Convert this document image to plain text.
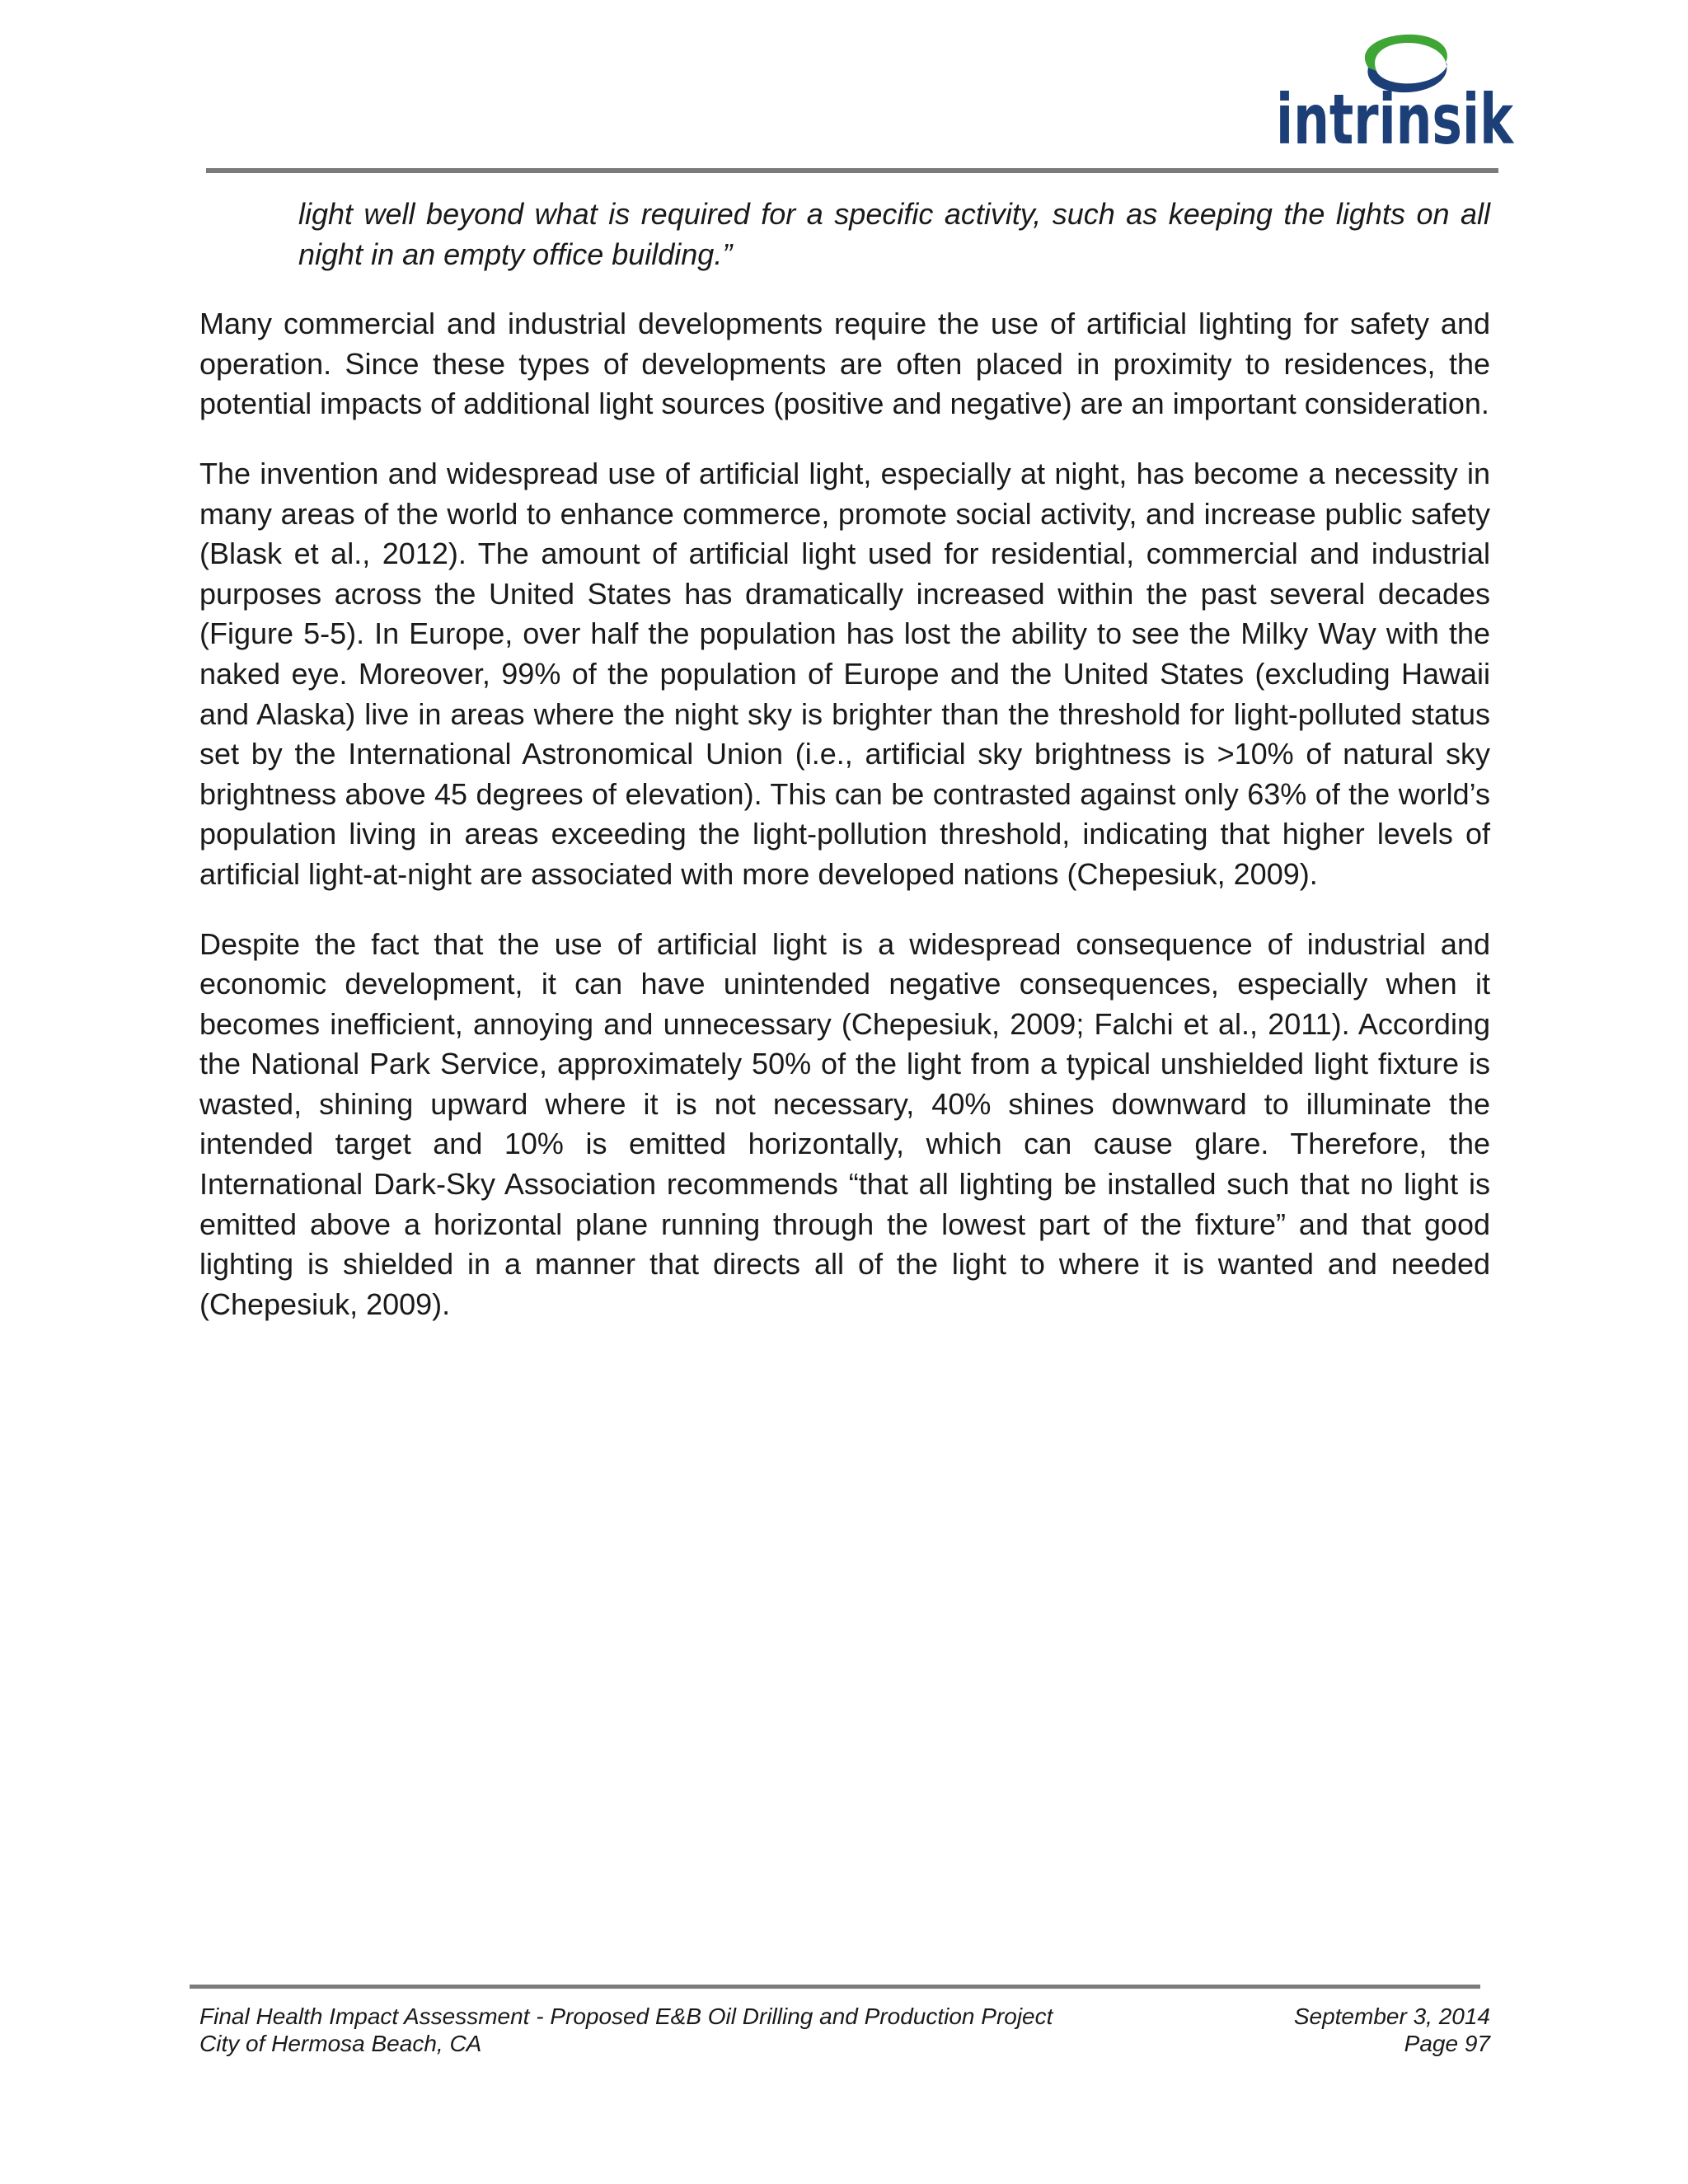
intrinsik

light well beyond what is required for a specific activity, such as keeping the lights on all night in an empty office building.”

Many commercial and industrial developments require the use of artificial lighting for safety and operation. Since these types of developments are often placed in proximity to residences, the potential impacts of additional light sources (positive and negative) are an important consideration.

The invention and widespread use of artificial light, especially at night, has become a necessity in many areas of the world to enhance commerce, promote social activity, and increase public safety (Blask et al., 2012). The amount of artificial light used for residential, commercial and industrial purposes across the United States has dramatically increased within the past several decades (Figure 5-5). In Europe, over half the population has lost the ability to see the Milky Way with the naked eye. Moreover, 99% of the population of Europe and the United States (excluding Hawaii and Alaska) live in areas where the night sky is brighter than the threshold for light-polluted status set by the International Astronomical Union (i.e., artificial sky brightness is >10% of natural sky brightness above 45 degrees of elevation). This can be contrasted against only 63% of the world’s population living in areas exceeding the light-pollution threshold, indicating that higher levels of artificial light-at-night are associated with more developed nations (Chepesiuk, 2009).

Despite the fact that the use of artificial light is a widespread consequence of industrial and economic development, it can have unintended negative consequences, especially when it becomes inefficient, annoying and unnecessary (Chepesiuk, 2009; Falchi et al., 2011). According the National Park Service, approximately 50% of the light from a typical unshielded light fixture is wasted, shining upward where it is not necessary, 40% shines downward to illuminate the intended target and 10% is emitted horizontally, which can cause glare. Therefore, the International Dark-Sky Association recommends “that all lighting be installed such that no light is emitted above a horizontal plane running through the lowest part of the fixture” and that good lighting is shielded in a manner that directs all of the light to where it is wanted and needed (Chepesiuk, 2009).

Final Health Impact Assessment - Proposed E&B Oil Drilling and Production Project	September 3, 2014
City of Hermosa Beach, CA	Page 97
